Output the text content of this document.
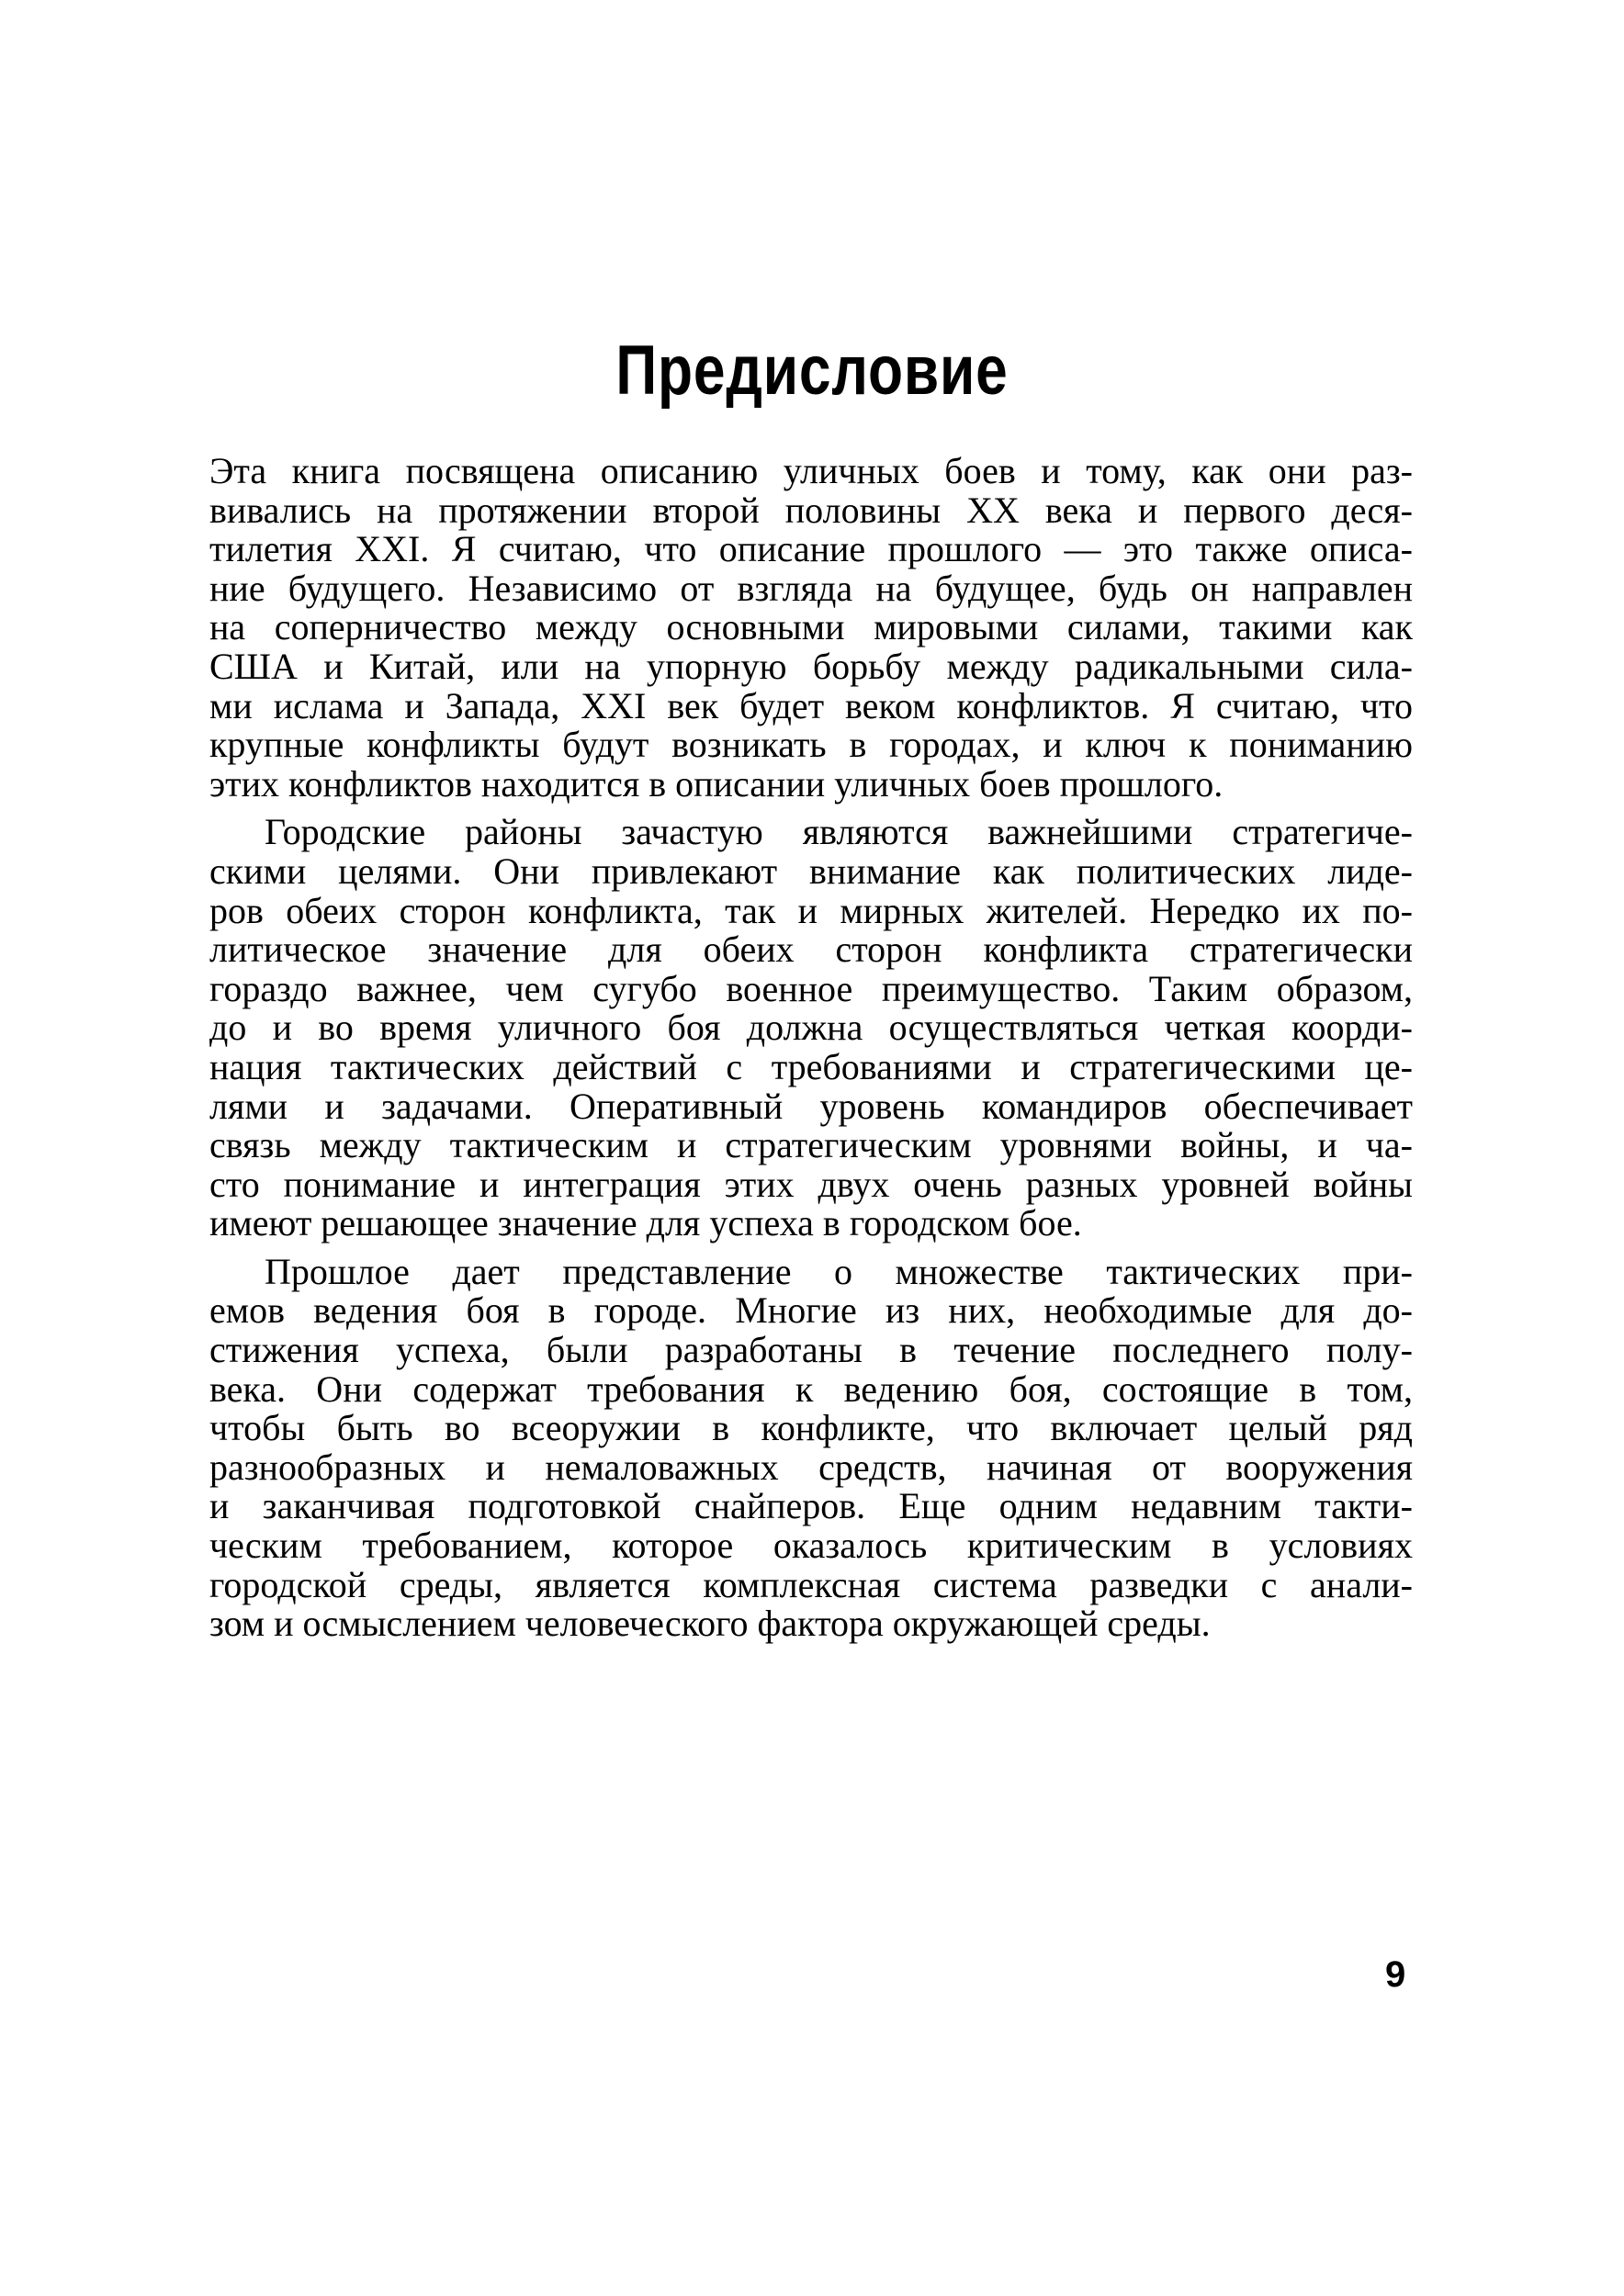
Предисловие
Эта книга посвящена описанию уличных боев и тому, как они раз-
вивались на протяжении второй половины XX века и первого деся-
тилетия XXI. Я считаю, что описание прошлого — это также описа-
ние будущего. Независимо от взгляда на будущее, будь он направлен
на соперничество между основными мировыми силами, такими как
США и Китай, или на упорную борьбу между радикальными сила-
ми ислама и Запада, XXI век будет веком конфликтов. Я считаю, что
крупные конфликты будут возникать в городах, и ключ к пониманию
этих конфликтов находится в описании уличных боев прошлого.
Городские районы зачастую являются важнейшими стратегиче-
скими целями. Они привлекают внимание как политических лиде-
ров обеих сторон конфликта, так и мирных жителей. Нередко их по-
литическое значение для обеих сторон конфликта стратегически
гораздо важнее, чем сугубо военное преимущество. Таким образом,
до и во время уличного боя должна осуществляться четкая коорди-
нация тактических действий с требованиями и стратегическими це-
лями и задачами. Оперативный уровень командиров обеспечивает
связь между тактическим и стратегическим уровнями войны, и ча-
сто понимание и интеграция этих двух очень разных уровней войны
имеют решающее значение для успеха в городском бое.
Прошлое дает представление о множестве тактических при-
емов ведения боя в городе. Многие из них, необходимые для до-
стижения успеха, были разработаны в течение последнего полу-
века. Они содержат требования к ведению боя, состоящие в том,
чтобы быть во всеоружии в конфликте, что включает целый ряд
разнообразных и немаловажных средств, начиная от вооружения
и заканчивая подготовкой снайперов. Еще одним недавним такти-
ческим требованием, которое оказалось критическим в условиях
городской среды, является комплексная система разведки с анали-
зом и осмыслением человеческого фактора окружающей среды.
9
